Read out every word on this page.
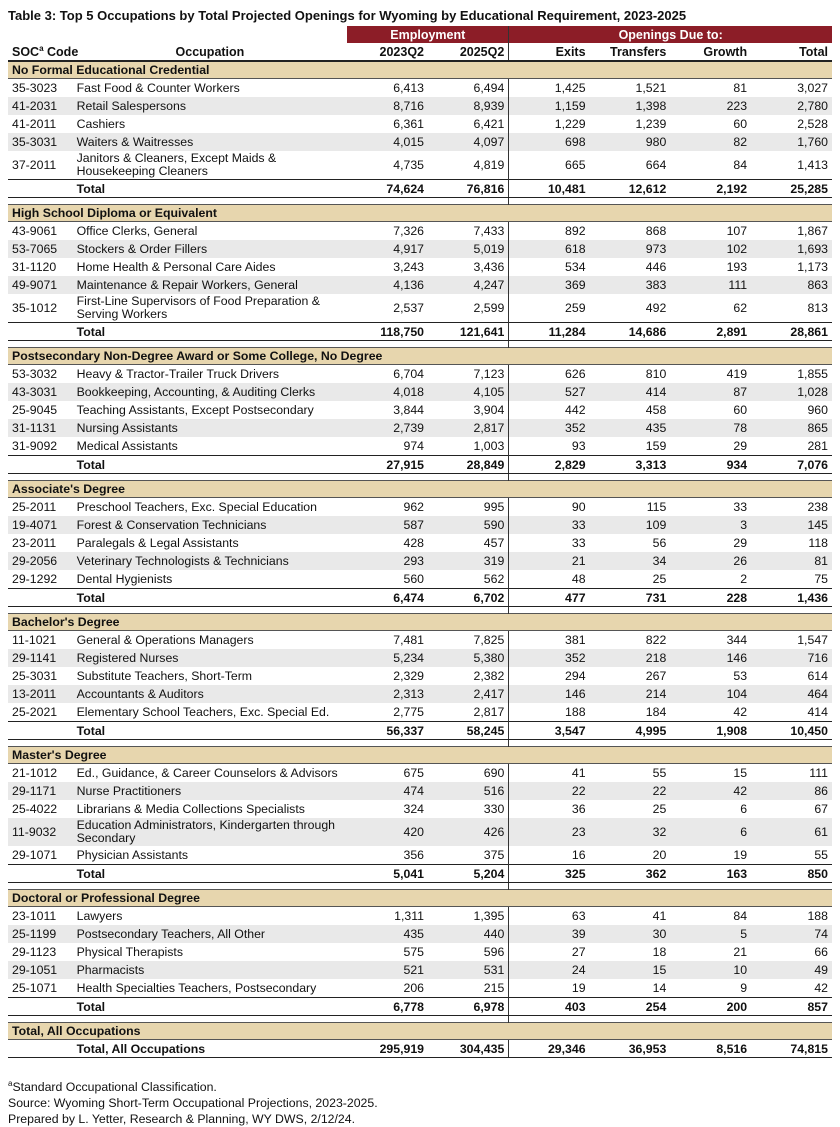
Table 3: Top 5 Occupations by Total Projected Openings for Wyoming by Educational Requirement, 2023-2025
		Employment		Openings Due to:			
SOC$^a$ Code	Occupation	2023Q2	2025Q2	Exits	Transfers	Growth	Total
No Formal Educational Credential							
35-3023	Fast Food & Counter Workers	6,413	6,494	1,425	1,521	81	3,027
41-2031	Retail Salespersons	8,716	8,939	1,159	1,398	223	2,780
41-2011	Cashiers	6,361	6,421	1,229	1,239	60	2,528
35-3031	Waiters & Waitresses	4,015	4,097	698	980	82	1,760
37-2011	Janitors & Cleaners, Except Maids & Housekeeping Cleaners	4,735	4,819	665	664	84	1,413
	Total	74,624	76,816	10,481	12,612	2,192	25,285

High School Diploma or Equivalent							
43-9061	Office Clerks, General	7,326	7,433	892	868	107	1,867
53-7065	Stockers & Order Fillers	4,917	5,019	618	973	102	1,693
31-1120	Home Health & Personal Care Aides	3,243	3,436	534	446	193	1,173
49-9071	Maintenance & Repair Workers, General	4,136	4,247	369	383	111	863
35-1012	First-Line Supervisors of Food Preparation & Serving Workers	2,537	2,599	259	492	62	813
	Total	118,750	121,641	11,284	14,686	2,891	28,861

Postsecondary Non-Degree Award or Some College, No Degree							
53-3032	Heavy & Tractor-Trailer Truck Drivers	6,704	7,123	626	810	419	1,855
43-3031	Bookkeeping, Accounting, & Auditing Clerks	4,018	4,105	527	414	87	1,028
25-9045	Teaching Assistants, Except Postsecondary	3,844	3,904	442	458	60	960
31-1131	Nursing Assistants	2,739	2,817	352	435	78	865
31-9092	Medical Assistants	974	1,003	93	159	29	281
	Total	27,915	28,849	2,829	3,313	934	7,076

Associate's Degree							
25-2011	Preschool Teachers, Exc. Special Education	962	995	90	115	33	238
19-4071	Forest & Conservation Technicians	587	590	33	109	3	145
23-2011	Paralegals & Legal Assistants	428	457	33	56	29	118
29-2056	Veterinary Technologists & Technicians	293	319	21	34	26	81
29-1292	Dental Hygienists	560	562	48	25	2	75
	Total	6,474	6,702	477	731	228	1,436

Bachelor's Degree							
11-1021	General & Operations Managers	7,481	7,825	381	822	344	1,547
29-1141	Registered Nurses	5,234	5,380	352	218	146	716
25-3031	Substitute Teachers, Short-Term	2,329	2,382	294	267	53	614
13-2011	Accountants & Auditors	2,313	2,417	146	214	104	464
25-2021	Elementary School Teachers, Exc. Special Ed.	2,775	2,817	188	184	42	414
	Total	56,337	58,245	3,547	4,995	1,908	10,450

Master's Degree							
21-1012	Ed., Guidance, & Career Counselors & Advisors	675	690	41	55	15	111
29-1171	Nurse Practitioners	474	516	22	22	42	86
25-4022	Librarians & Media Collections Specialists	324	330	36	25	6	67
11-9032	Education Administrators, Kindergarten through Secondary	420	426	23	32	6	61
29-1071	Physician Assistants	356	375	16	20	19	55
	Total	5,041	5,204	325	362	163	850

Doctoral or Professional Degree							
23-1011	Lawyers	1,311	1,395	63	41	84	188
25-1199	Postsecondary Teachers, All Other	435	440	39	30	5	74
29-1123	Physical Therapists	575	596	27	18	21	66
29-1051	Pharmacists	521	531	24	15	10	49
25-1071	Health Specialties Teachers, Postsecondary	206	215	19	14	9	42
	Total	6,778	6,978	403	254	200	857

Total, All Occupations							
	Total, All Occupations	295,919	304,435	29,346	36,953	8,516	74,815
$^a$Standard Occupational Classification.
Source: Wyoming Short-Term Occupational Projections, 2023-2025.
Prepared by L. Yetter, Research & Planning, WY DWS, 2/12/24.
